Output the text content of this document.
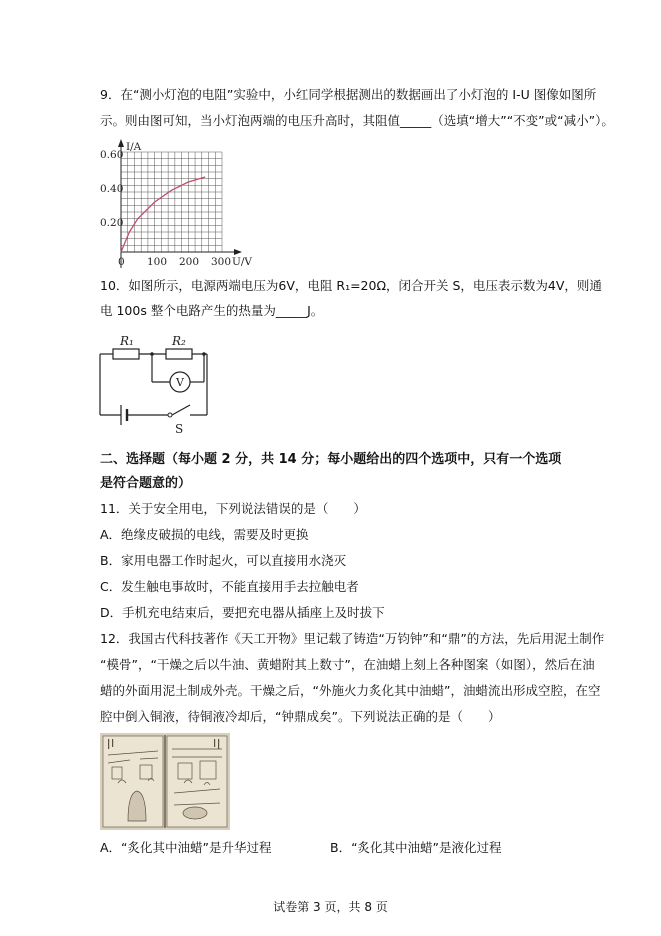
9．在“测小灯泡的电阻”实验中，小红同学根据测出的数据画出了小灯泡的 I-U 图像如图所
示。则由图可知，当小灯泡两端的电压升高时，其阻值_____（选填“增大”“不变”或“减小”）。
I/A
U/V
0
0.20
0.40
0.60
100 200 300
10．如图所示，电源两端电压为6V，电阻 R₁=20Ω，闭合开关 S，电压表示数为4V，则通
电 100s 整个电路产生的热量为_____J。
R₁	R₂
V
S
二、选择题（每小题 2 分，共 14 分；每小题给出的四个选项中，只有一个选项
是符合题意的）
11．关于安全用电，下列说法错误的是（　　）
A．绝缘皮破损的电线，需要及时更换
B．家用电器工作时起火，可以直接用水浇灭
C．发生触电事故时，不能直接用手去拉触电者
D．手机充电结束后，要把充电器从插座上及时拔下
12．我国古代科技著作《天工开物》里记载了铸造“万钧钟”和“鼎”的方法，先后用泥土制作
“模骨”，“干燥之后以牛油、黄蜡附其上数寸”，在油蜡上刻上各种图案（如图），然后在油
蜡的外面用泥土制成外壳。干燥之后，“外施火力炙化其中油蜡”，油蜡流出形成空腔，在空
腔中倒入铜液，待铜液冷却后，“钟鼎成矣”。下列说法正确的是（　　）
A．“炙化其中油蜡”是升华过程	B．“炙化其中油蜡”是液化过程
试卷第 3 页，共 8 页
